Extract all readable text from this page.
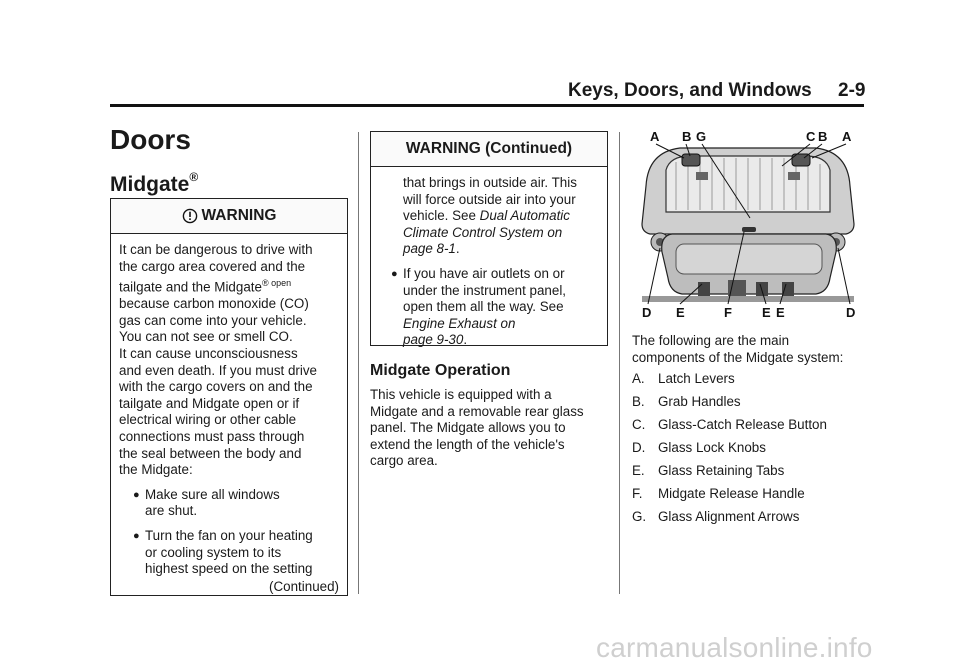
Keys, Doors, and Windows 2-9
Doors
Midgate®
WARNING

It can be dangerous to drive with

the cargo area covered and the

tailgate and the Midgate$^{® open}$

because carbon monoxide (CO)

gas can come into your vehicle.

You can not see or smell CO.

It can cause unconsciousness

and even death. If you must drive

with the cargo covers on and the

tailgate and Midgate open or if

electrical wiring or other cable

connections must pass through

the seal between the body and

the Midgate:

● Make sure all windows

are shut.

● Turn the fan on your heating

or cooling system to its

highest speed on the setting

(Continued)

WARNING (Continued)

that brings in outside air. This

will force outside air into your

vehicle. See Dual Automatic

Climate Control System on

page 8-1.

● If you have air outlets on or

under the instrument panel,

open them all the way. See

Engine Exhaust on

page 9-30.

Midgate Operation
This vehicle is equipped with a
Midgate and a removable rear glass
panel. The Midgate allows you to
extend the length of the vehicle's
cargo area.
A B G	C B A
D E	F E E	D
The following are the main
components of the Midgate system:
A. Latch Levers
B. Grab Handles
C. Glass-Catch Release Button
D. Glass Lock Knobs
E. Glass Retaining Tabs
F. Midgate Release Handle
G. Glass Alignment Arrows
carmanualsonline.info
